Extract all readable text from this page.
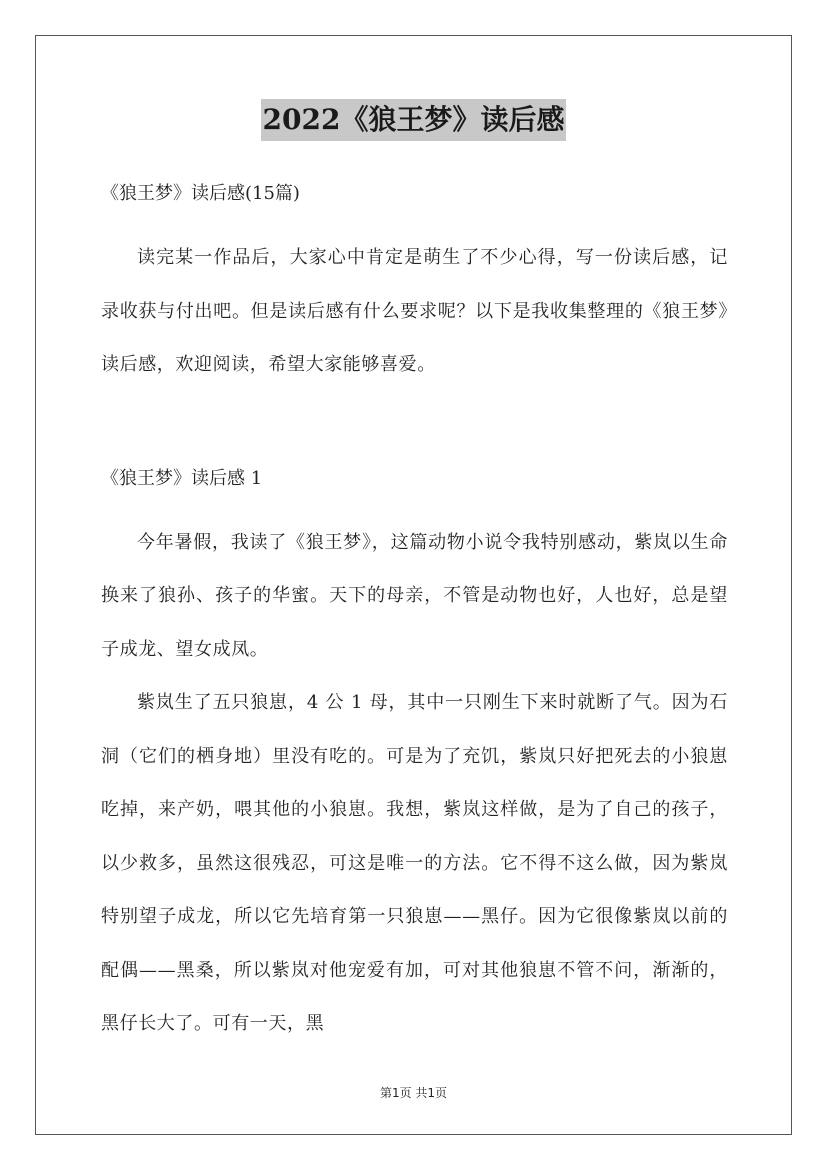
2022《狼王梦》读后感

《狼王梦》读后感(15篇)

读完某一作品后，大家心中肯定是萌生了不少心得，写一份读后感，记录收获与付出吧。但是读后感有什么要求呢？以下是我收集整理的《狼王梦》读后感，欢迎阅读，希望大家能够喜爱。

《狼王梦》读后感 1

今年暑假，我读了《狼王梦》，这篇动物小说令我特别感动，紫岚以生命换来了狼孙、孩子的华蜜。天下的母亲，不管是动物也好，人也好，总是望子成龙、望女成凤。

紫岚生了五只狼崽，4 公 1 母，其中一只刚生下来时就断了气。因为石洞（它们的栖身地）里没有吃的。可是为了充饥，紫岚只好把死去的小狼崽吃掉，来产奶，喂其他的小狼崽。我想，紫岚这样做，是为了自己的孩子，以少救多，虽然这很残忍，可这是唯一的方法。它不得不这么做，因为紫岚特别望子成龙，所以它先培育第一只狼崽——黑仔。因为它很像紫岚以前的配偶——黑桑，所以紫岚对他宠爱有加，可对其他狼崽不管不问，渐渐的，黑仔长大了。可有一天，黑

第1页 共1页
